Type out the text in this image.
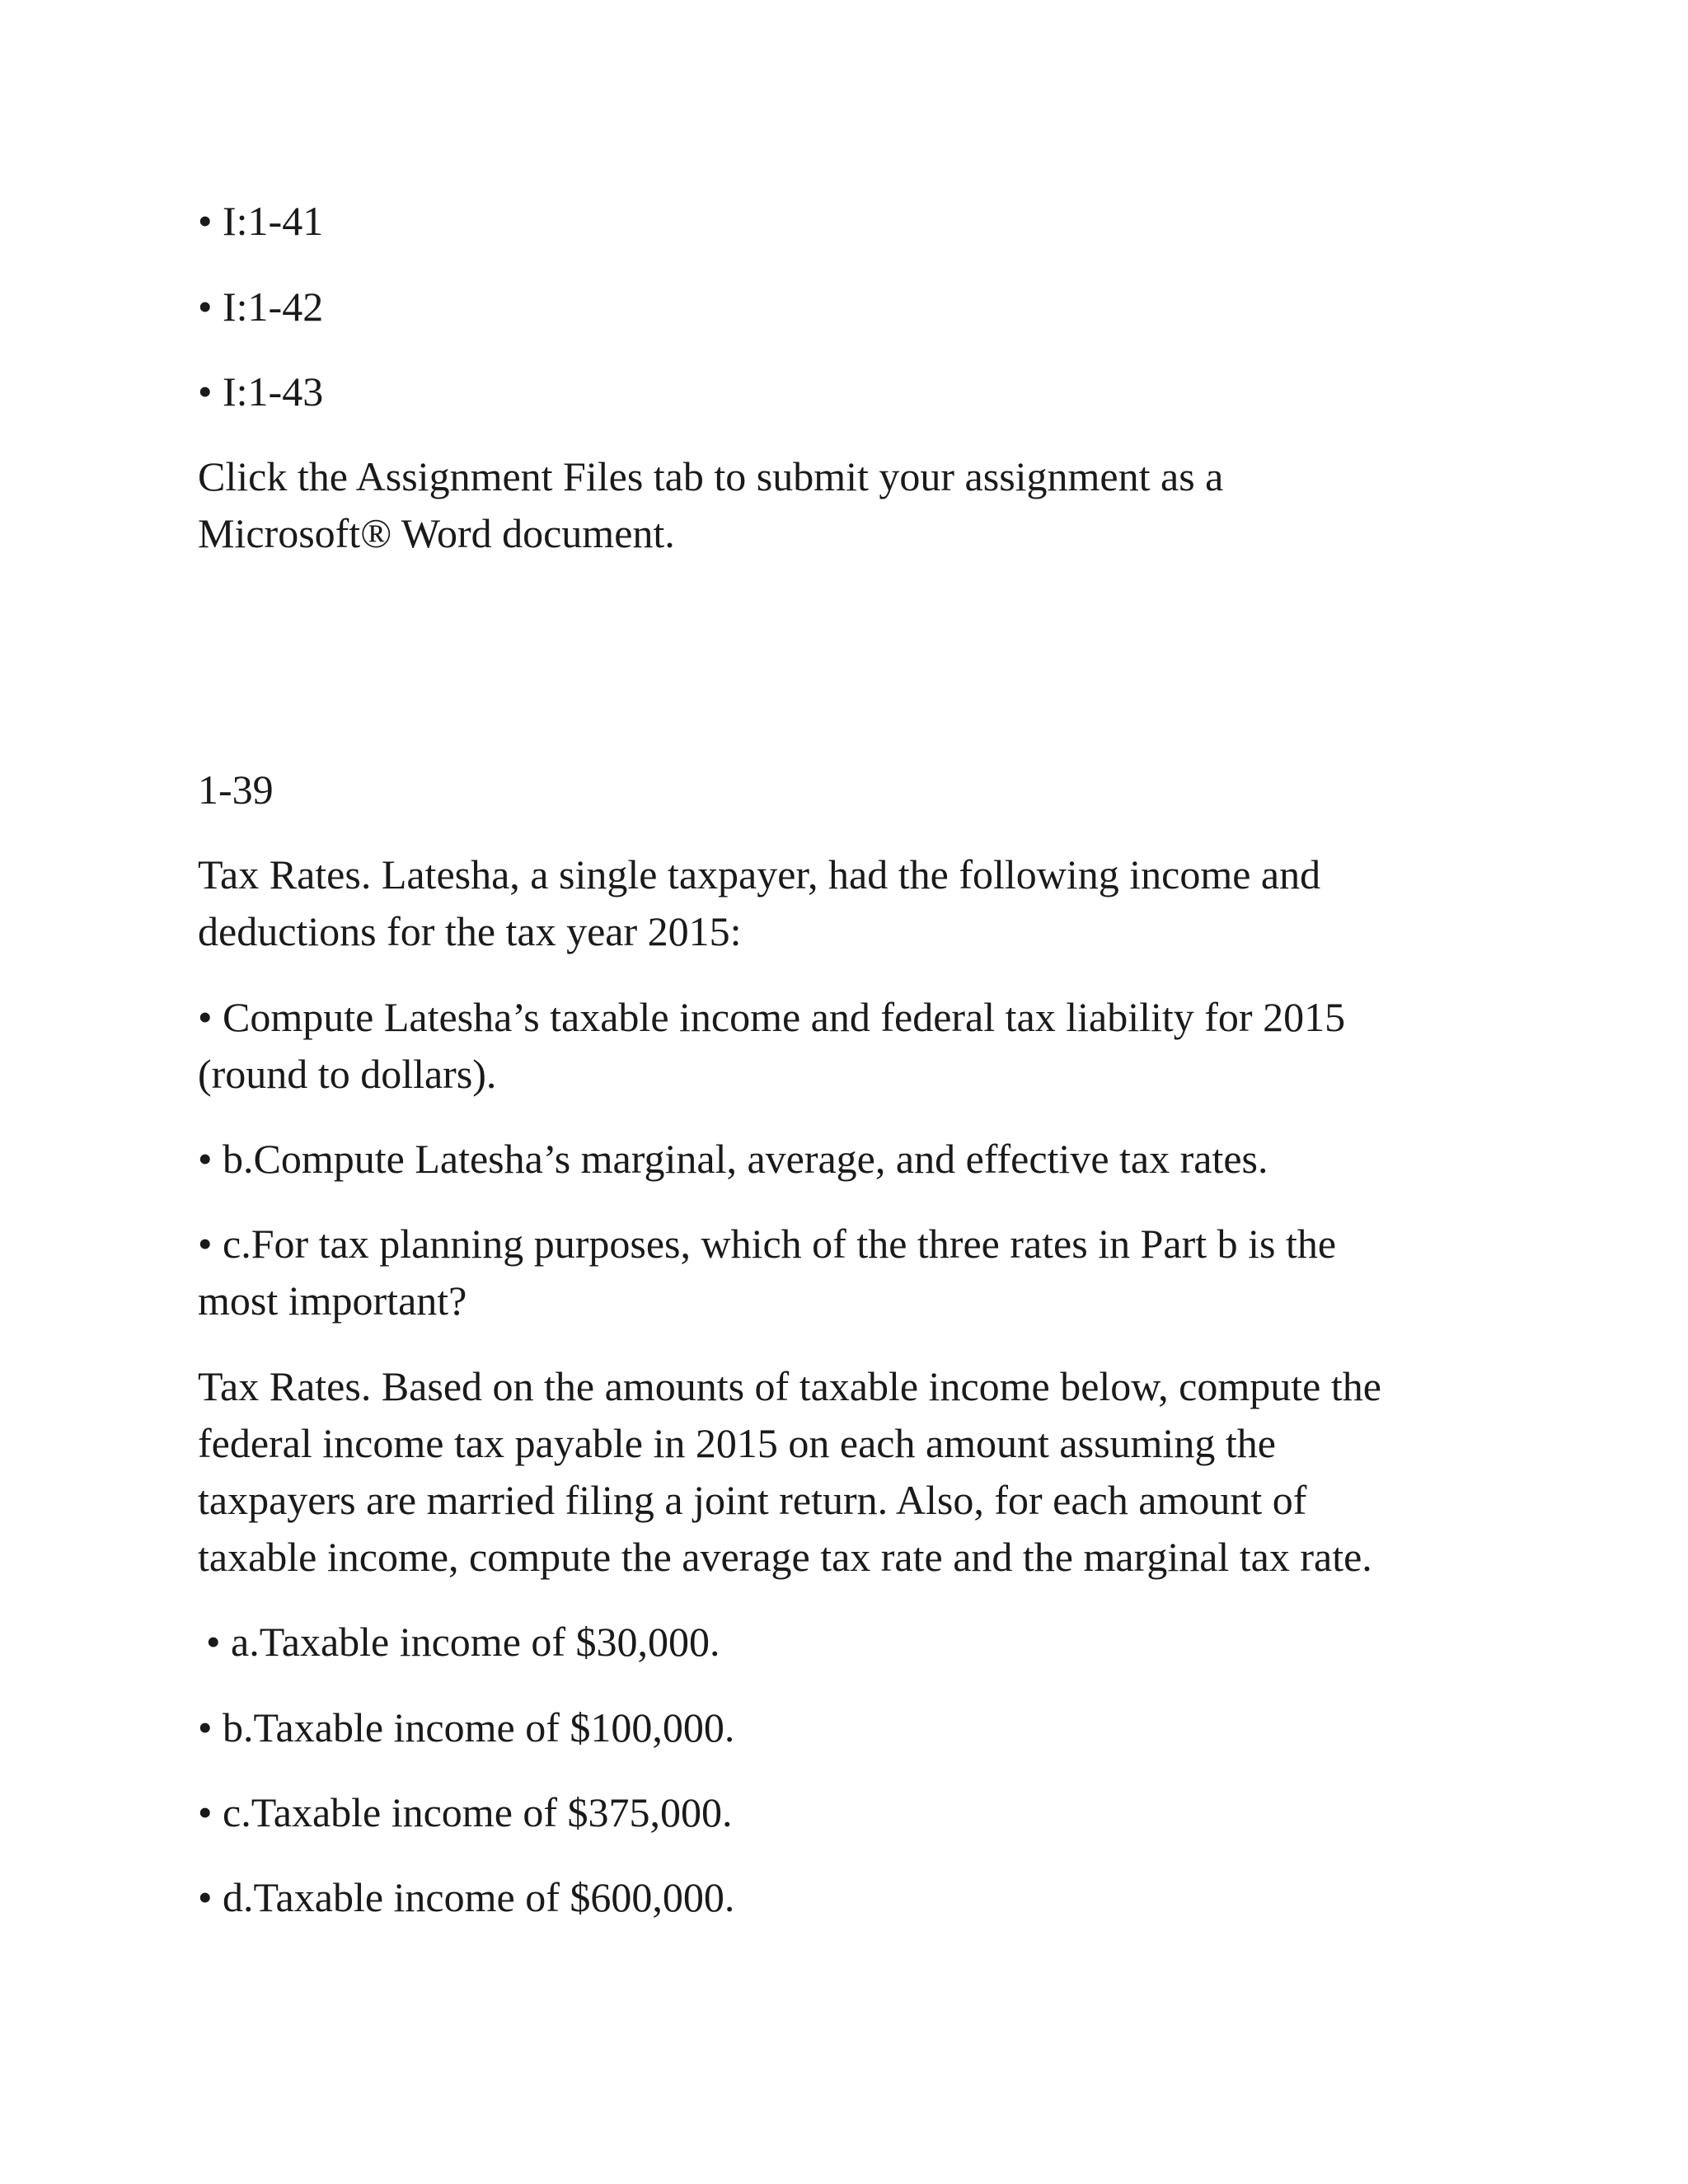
• I:1-41
• I:1-42
• I:1-43
Click the Assignment Files tab to submit your assignment as a
Microsoft® Word document.
1-39
Tax Rates. Latesha, a single taxpayer, had the following income and
deductions for the tax year 2015:
• Compute Latesha’s taxable income and federal tax liability for 2015
(round to dollars).
• b.Compute Latesha’s marginal, average, and effective tax rates.
• c.For tax planning purposes, which of the three rates in Part b is the
most important?
Tax Rates. Based on the amounts of taxable income below, compute the
federal income tax payable in 2015 on each amount assuming the
taxpayers are married filing a joint return. Also, for each amount of
taxable income, compute the average tax rate and the marginal tax rate.
• a.Taxable income of $30,000.
• b.Taxable income of $100,000.
• c.Taxable income of $375,000.
• d.Taxable income of $600,000.
